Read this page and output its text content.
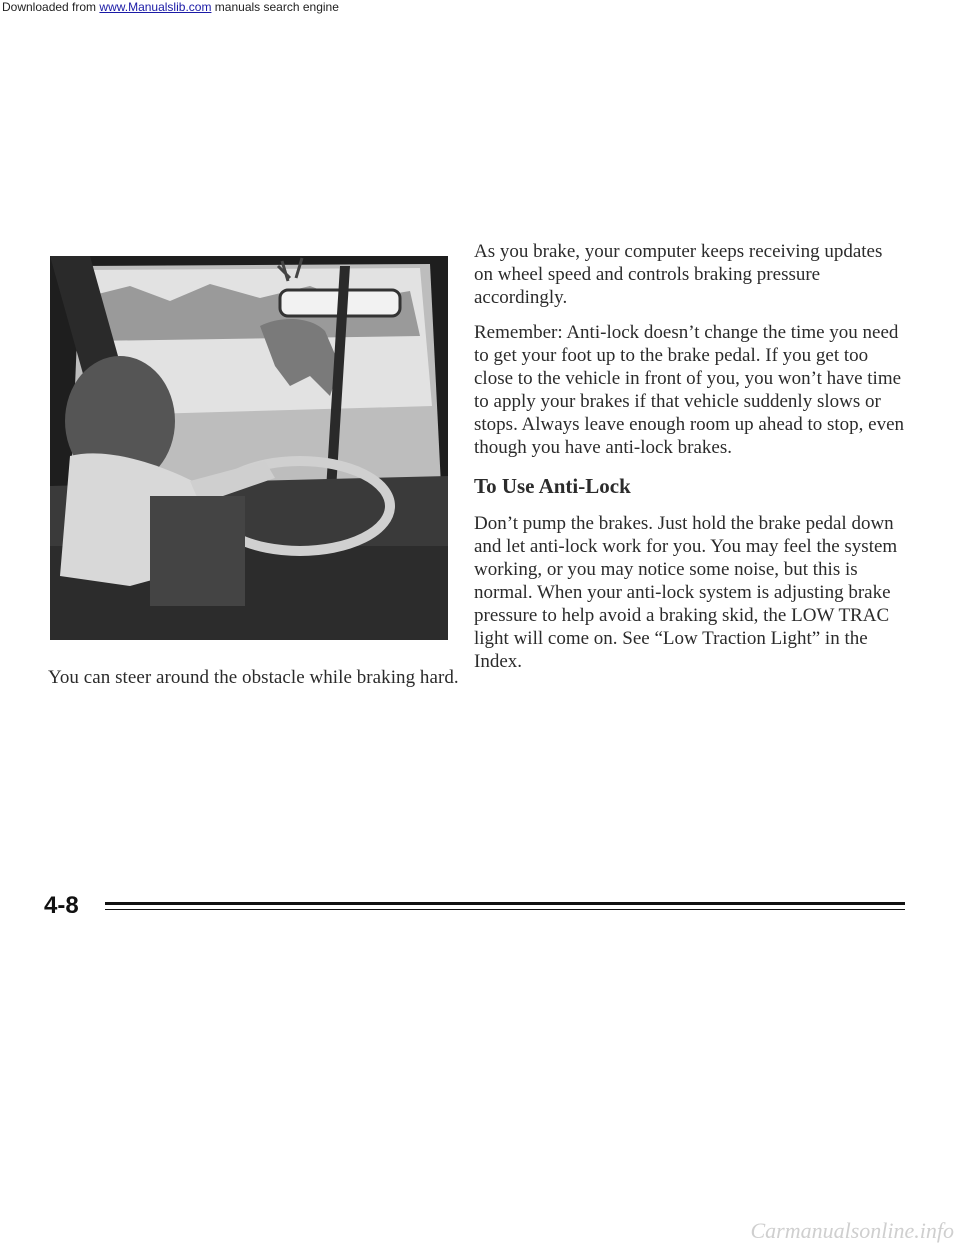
Downloaded from www.Manualslib.com manuals search engine
You can steer around the obstacle while braking hard.

As you brake, your computer keeps receiving updates on wheel speed and controls braking pressure accordingly.

Remember: Anti-lock doesn’t change the time you need to get your foot up to the brake pedal. If you get too close to the vehicle in front of you, you won’t have time to apply your brakes if that vehicle suddenly slows or stops. Always leave enough room up ahead to stop, even though you have anti-lock brakes.

To Use Anti-Lock

Don’t pump the brakes. Just hold the brake pedal down and let anti-lock work for you. You may feel the system working, or you may notice some noise, but this is normal. When your anti-lock system is adjusting brake pressure to help avoid a braking skid, the LOW TRAC light will come on. See “Low Traction Light” in the Index.

4-8
Carmanualsonline.info
